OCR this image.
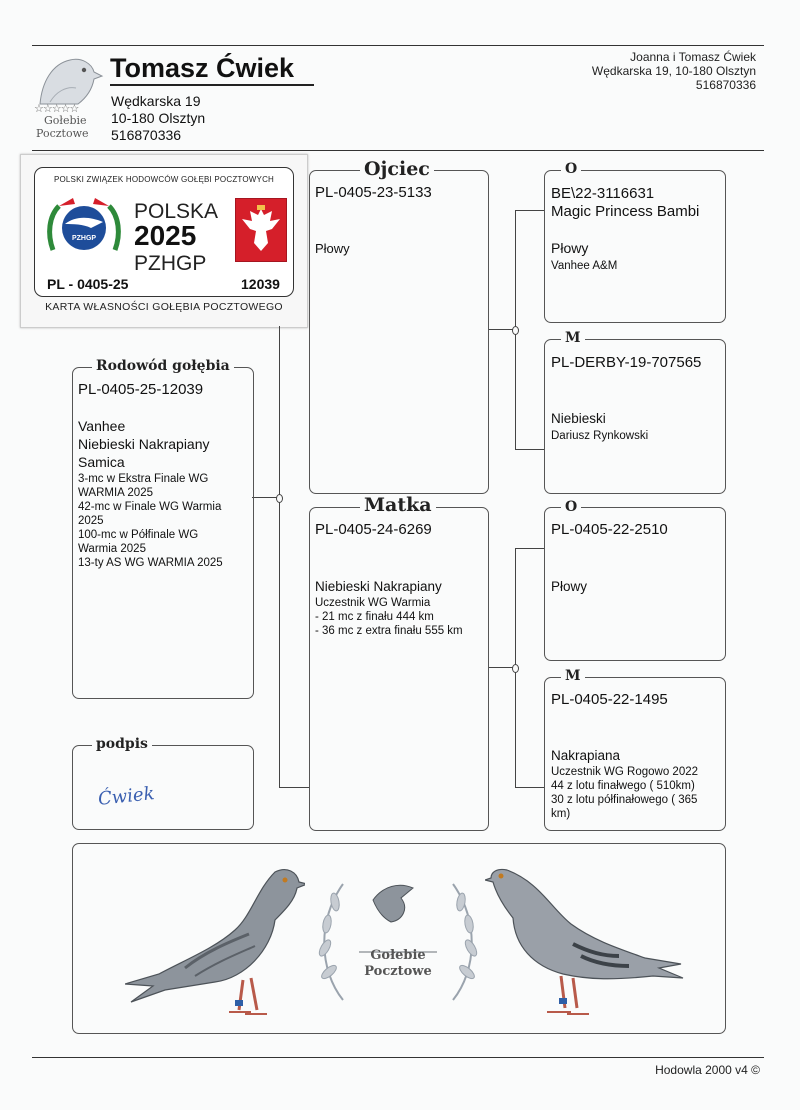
☆☆☆☆☆
Gołebie
Pocztowe
Tomasz Ćwiek
Wędkarska 19
10-180 Olsztyn
516870336
Joanna i Tomasz Ćwiek
Wędkarska 19, 10-180 Olsztyn
516870336
POLSKI ZWIĄZEK HODOWCÓW GOŁĘBI POCZTOWYCH
PZHGP
POLSKA
2025
PZHGP
PL - 0405-25	12039
KARTA WŁASNOŚCI GOŁĘBIA POCZTOWEGO
Rodowód gołębia
PL-0405-25-12039
Vanhee
Niebieski Nakrapiany
Samica
3-mc w Ekstra Finale WG
WARMIA 2025
42-mc w Finale WG Warmia
2025
100-mc w Półfinale WG
Warmia 2025
13-ty AS WG WARMIA 2025
podpis
Ćwiek
Ojciec
PL-0405-23-5133
Płowy
Matka
PL-0405-24-6269
Niebieski Nakrapiany
Uczestnik WG Warmia
- 21 mc z finału 444 km
- 36 mc z extra finału 555 km
O
BE\22-3116631
Magic Princess Bambi
Płowy
Vanhee A&M
M
PL-DERBY-19-707565
Niebieski
Dariusz Rynkowski
O
PL-0405-22-2510
Płowy
M
PL-0405-22-1495
Nakrapiana
Uczestnik WG Rogowo 2022
44 z lotu finałwego ( 510km)
30 z lotu półfinałowego ( 365
km)
Gołebie
Pocztowe
Hodowla 2000 v4 ©
